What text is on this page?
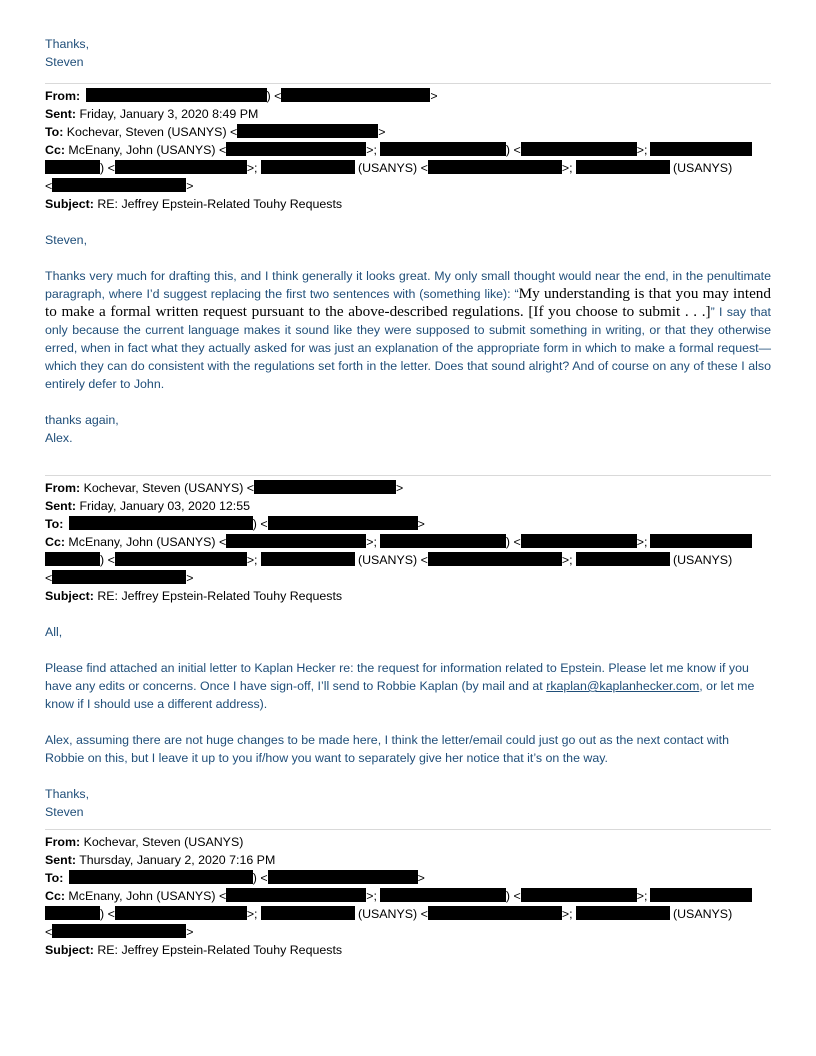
Thanks,
Steven
From:	) <	>
Sent: Friday, January 3, 2020 8:49 PM
To: Kochevar, Steven (USANYS) <	>
Cc: McEnany, John (USANYS) <	>;	) <	>;
) <	>;	(USANYS) <	>;	(USANYS)
<	>
Subject: RE: Jeffrey Epstein-Related Touhy Requests
Steven,
Thanks very much for drafting this, and I think generally it looks great. My only small thought would near the end, in the penultimate paragraph, where I’d suggest replacing the first two sentences with (something like): “My understanding is that you may intend to make a formal written request pursuant to the above-described regulations. [If you choose to submit . . .]” I say that only because the current language makes it sound like they were supposed to submit something in writing, or that they otherwise erred, when in fact what they actually asked for was just an explanation of the appropriate form in which to make a formal request—which they can do consistent with the regulations set forth in the letter. Does that sound alright? And of course on any of these I also entirely defer to John.
thanks again,
Alex.
From: Kochevar, Steven (USANYS) <	>
Sent: Friday, January 03, 2020 12:55
To:	) <	>
Cc: McEnany, John (USANYS) <	>;	) <	>;
) <	>;	(USANYS) <	>;	(USANYS)
<	>
Subject: RE: Jeffrey Epstein-Related Touhy Requests
All,
Please find attached an initial letter to Kaplan Hecker re: the request for information related to Epstein. Please let me know if you have any edits or concerns. Once I have sign-off, I’ll send to Robbie Kaplan (by mail and at rkaplan@kaplanhecker.com, or let me know if I should use a different address).
Alex, assuming there are not huge changes to be made here, I think the letter/email could just go out as the next contact with Robbie on this, but I leave it up to you if/how you want to separately give her notice that it’s on the way.
Thanks,
Steven
From: Kochevar, Steven (USANYS)
Sent: Thursday, January 2, 2020 7:16 PM
To:	) <	>
Cc: McEnany, John (USANYS) <	>;	) <	>;
) <	>;	(USANYS) <	>;	(USANYS)
<	>
Subject: RE: Jeffrey Epstein-Related Touhy Requests
